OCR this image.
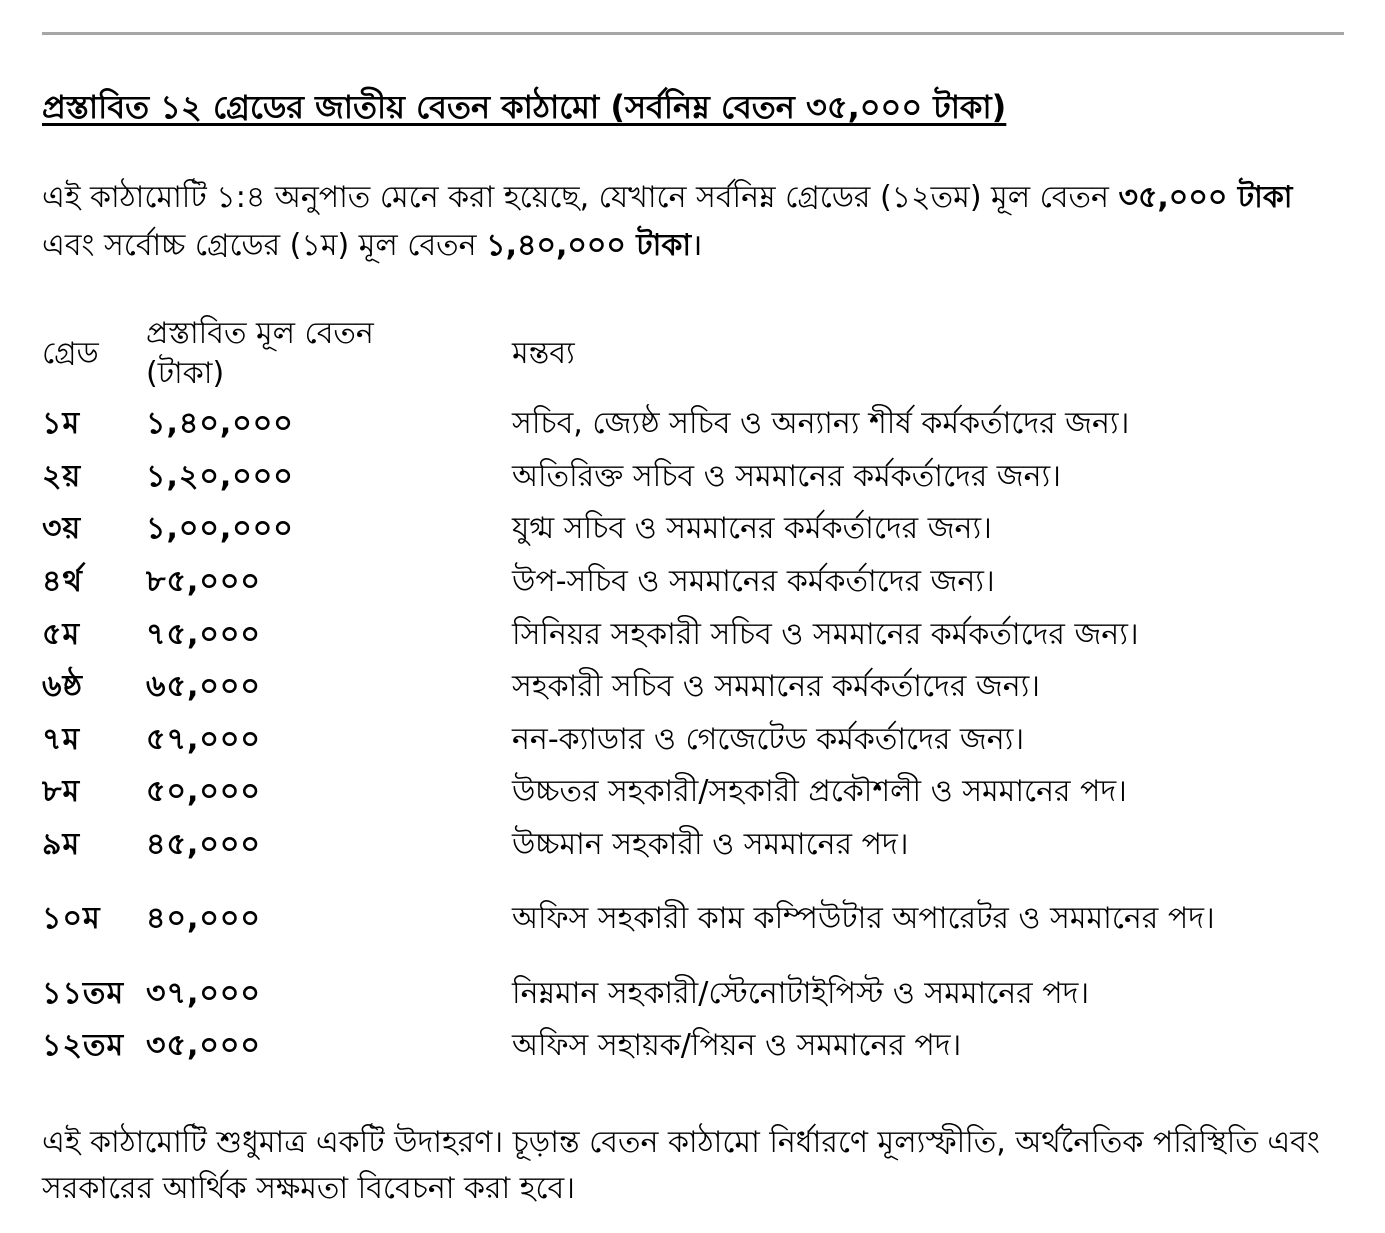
প্রস্তাবিত ১২ গ্রেডের জাতীয় বেতন কাঠামো (সর্বনিম্ন বেতন ৩৫,০০০ টাকা)

এই কাঠামোটি ১:৪ অনুপাত মেনে করা হয়েছে, যেখানে সর্বনিম্ন গ্রেডের (১২তম) মূল বেতন ৩৫,০০০ টাকা এবং সর্বোচ্চ গ্রেডের (১ম) মূল বেতন ১,৪০,০০০ টাকা।

গ্রেড	প্রস্তাবিত মূল বেতন (টাকা)	মন্তব্য
১ম	১,৪০,০০০	সচিব, জ্যেষ্ঠ সচিব ও অন্যান্য শীর্ষ কর্মকর্তাদের জন্য।
২য়	১,২০,০০০	অতিরিক্ত সচিব ও সমমানের কর্মকর্তাদের জন্য।
৩য়	১,০০,০০০	যুগ্ম সচিব ও সমমানের কর্মকর্তাদের জন্য।
৪র্থ	৮৫,০০০	উপ-সচিব ও সমমানের কর্মকর্তাদের জন্য।
৫ম	৭৫,০০০	সিনিয়র সহকারী সচিব ও সমমানের কর্মকর্তাদের জন্য।
৬ষ্ঠ	৬৫,০০০	সহকারী সচিব ও সমমানের কর্মকর্তাদের জন্য।
৭ম	৫৭,০০০	নন-ক্যাডার ও গেজেটেড কর্মকর্তাদের জন্য।
৮ম	৫০,০০০	উচ্চতর সহকারী/সহকারী প্রকৌশলী ও সমমানের পদ।
৯ম	৪৫,০০০	উচ্চমান সহকারী ও সমমানের পদ।
১০ম	৪০,০০০	অফিস সহকারী কাম কম্পিউটার অপারেটর ও সমমানের পদ।
১১তম	৩৭,০০০	নিম্নমান সহকারী/স্টেনোটাইপিস্ট ও সমমানের পদ।
১২তম	৩৫,০০০	অফিস সহায়ক/পিয়ন ও সমমানের পদ।

এই কাঠামোটি শুধুমাত্র একটি উদাহরণ। চূড়ান্ত বেতন কাঠামো নির্ধারণে মূল্যস্ফীতি, অর্থনৈতিক পরিস্থিতি এবং সরকারের আর্থিক সক্ষমতা বিবেচনা করা হবে।
